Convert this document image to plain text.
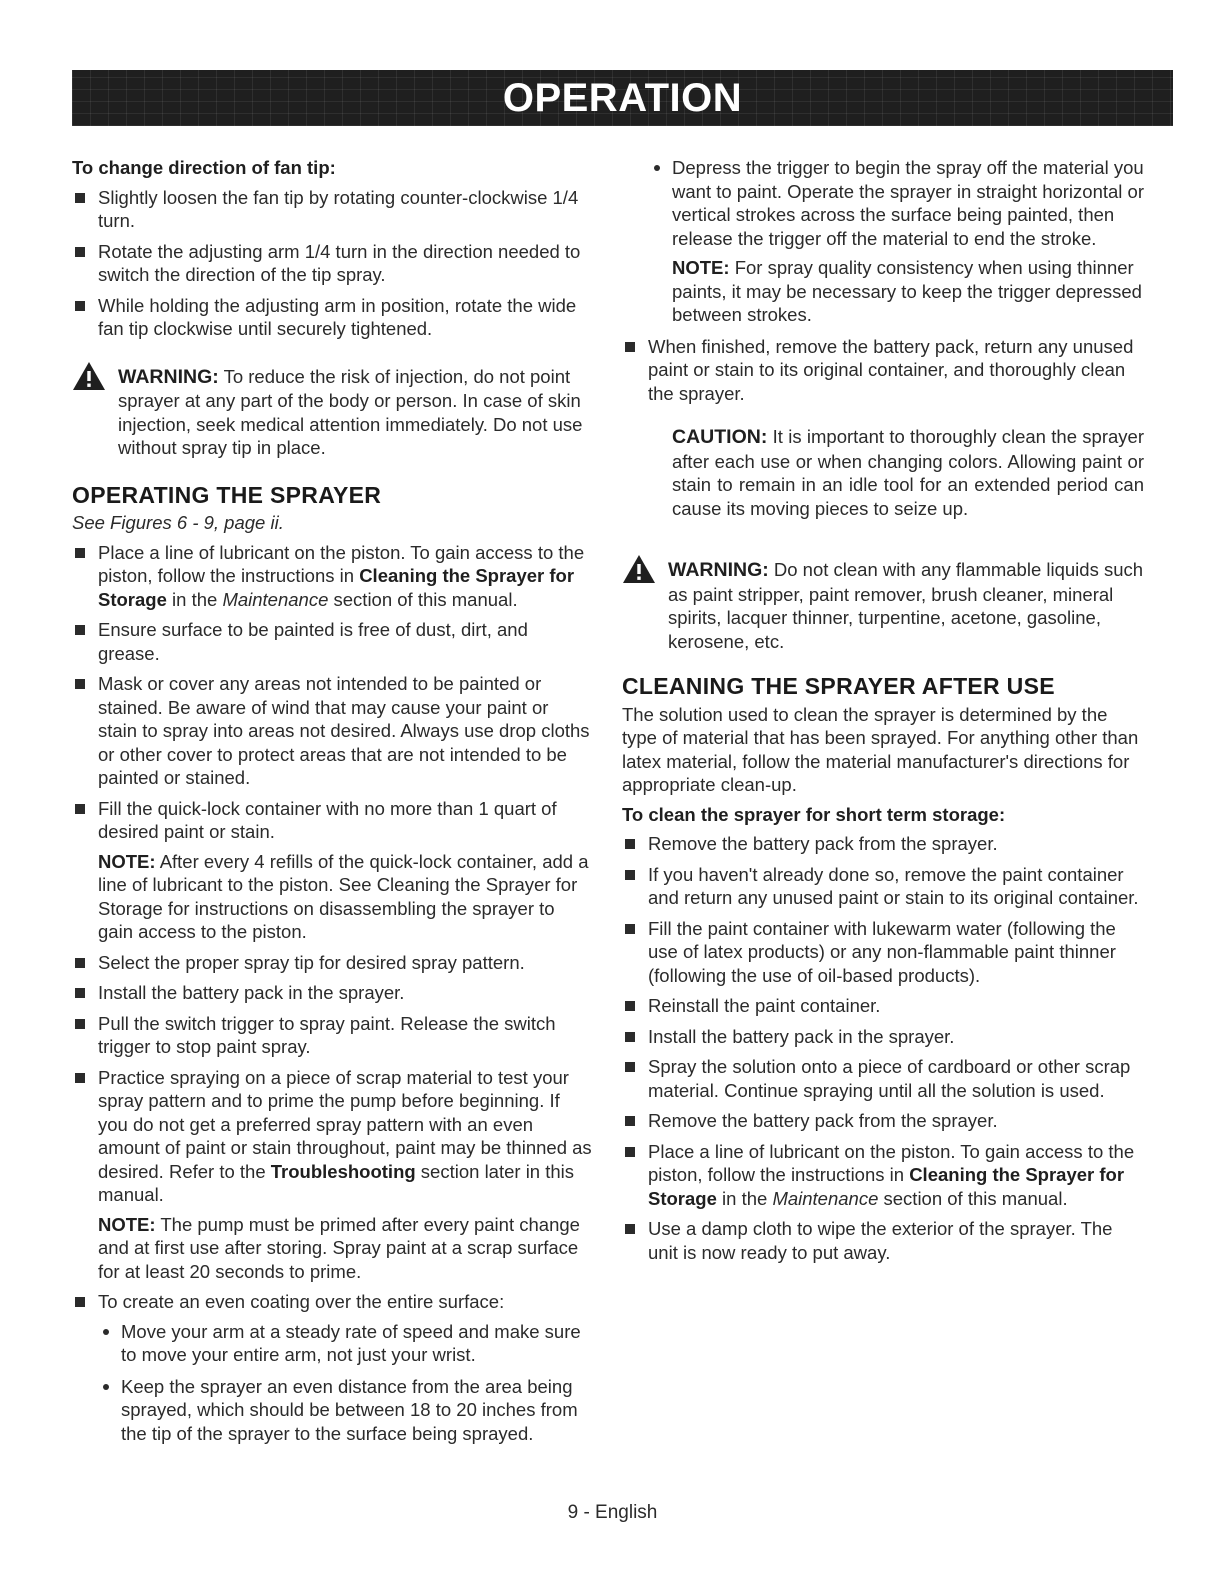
OPERATION

To change direction of fan tip:

Slightly loosen the fan tip by rotating counter-clockwise 1/4 turn.
Rotate the adjusting arm 1/4 turn in the direction needed to switch the direction of the tip spray.
While holding the adjusting arm in position, rotate the wide fan tip clockwise until securely tightened.
WARNING: To reduce the risk of injection, do not point sprayer at any part of the body or person. In case of skin injection, seek medical attention immediately. Do not use without spray tip in place.
OPERATING THE SPRAYER
See Figures 6 - 9, page ii.
Place a line of lubricant on the piston. To gain access to the piston, follow the instructions in Cleaning the Sprayer for Storage in the Maintenance section of this manual.
Ensure surface to be painted is free of dust, dirt, and grease.
Mask or cover any areas not intended to be painted or stained. Be aware of wind that may cause your paint or stain to spray into areas not desired. Always use drop cloths or other cover to protect areas that are not intended to be painted or stained.
Fill the quick-lock container with no more than 1 quart of desired paint or stain.

NOTE: After every 4 refills of the quick-lock container, add a line of lubricant to the piston. See Cleaning the Sprayer for Storage for instructions on disassembling the sprayer to gain access to the piston.

Select the proper spray tip for desired spray pattern.
Install the battery pack in the sprayer.
Pull the switch trigger to spray paint. Release the switch trigger to stop paint spray.
Practice spraying on a piece of scrap material to test your spray pattern and to prime the pump before beginning. If you do not get a preferred spray pattern with an even amount of paint or stain throughout, paint may be thinned as desired. Refer to the Troubleshooting section later in this manual.

NOTE: The pump must be primed after every paint change and at first use after storing. Spray paint at a scrap surface for at least 20 seconds to prime.

To create an even coating over the entire surface:
Move your arm at a steady rate of speed and make sure to move your entire arm, not just your wrist.
Keep the sprayer an even distance from the area being sprayed, which should be between 18 to 20 inches from the tip of the sprayer to the surface being sprayed.
Depress the trigger to begin the spray off the material you want to paint. Operate the sprayer in straight horizontal or vertical strokes across the surface being painted, then release the trigger off the material to end the stroke.

NOTE: For spray quality consistency when using thinner paints, it may be necessary to keep the trigger depressed between strokes.

When finished, remove the battery pack, return any unused paint or stain to its original container, and thoroughly clean the sprayer.

CAUTION: It is important to thoroughly clean the sprayer after each use or when changing colors. Allowing paint or stain to remain in an idle tool for an extended period can cause its moving pieces to seize up.

WARNING: Do not clean with any flammable liquids such as paint stripper, paint remover, brush cleaner, mineral spirits, lacquer thinner, turpentine, acetone, gasoline, kerosene, etc.
CLEANING THE SPRAYER AFTER USE

The solution used to clean the sprayer is determined by the type of material that has been sprayed. For anything other than latex material, follow the material manufacturer's directions for appropriate clean-up.

To clean the sprayer for short term storage:

Remove the battery pack from the sprayer.
If you haven't already done so, remove the paint container and return any unused paint or stain to its original container.
Fill the paint container with lukewarm water (following the use of latex products) or any non-flammable paint thinner (following the use of oil-based products).
Reinstall the paint container.
Install the battery pack in the sprayer.
Spray the solution onto a piece of cardboard or other scrap material. Continue spraying until all the solution is used.
Remove the battery pack from the sprayer.
Place a line of lubricant on the piston. To gain access to the piston, follow the instructions in Cleaning the Sprayer for Storage in the Maintenance section of this manual.
Use a damp cloth to wipe the exterior of the sprayer. The unit is now ready to put away.
9 - English
